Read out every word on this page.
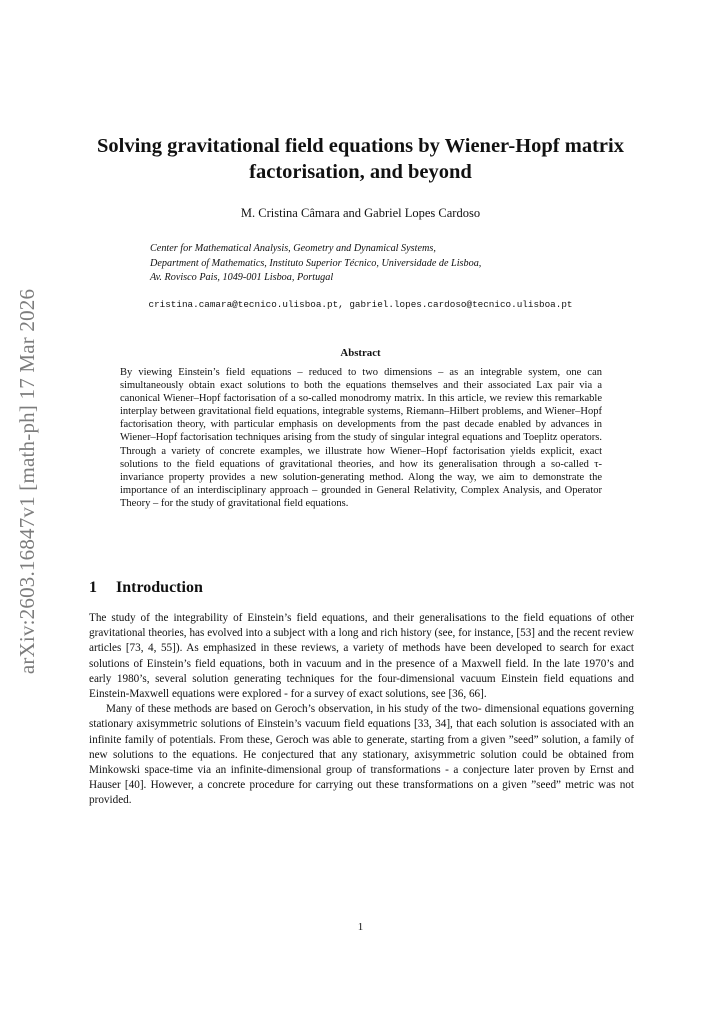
arXiv:2603.16847v1 [math-ph] 17 Mar 2026
Solving gravitational field equations by Wiener-Hopf matrix factorisation, and beyond
M. Cristina Câmara and Gabriel Lopes Cardoso
Center for Mathematical Analysis, Geometry and Dynamical Systems,
Department of Mathematics, Instituto Superior Técnico, Universidade de Lisboa,
Av. Rovisco Pais, 1049-001 Lisboa, Portugal
cristina.camara@tecnico.ulisboa.pt, gabriel.lopes.cardoso@tecnico.ulisboa.pt
Abstract
By viewing Einstein’s field equations – reduced to two dimensions – as an integrable system, one can simultaneously obtain exact solutions to both the equations themselves and their associated Lax pair via a canonical Wiener–Hopf factorisation of a so-called monodromy matrix. In this article, we review this remarkable interplay between gravitational field equations, integrable systems, Riemann–Hilbert problems, and Wiener–Hopf factorisation theory, with particular emphasis on developments from the past decade enabled by advances in Wiener–Hopf factorisation techniques arising from the study of singular integral equations and Toeplitz operators. Through a variety of concrete examples, we illustrate how Wiener–Hopf factorisation yields explicit, exact solutions to the field equations of gravitational theories, and how its generalisation through a so-called τ-invariance property provides a new solution-generating method. Along the way, we aim to demonstrate the importance of an interdisciplinary approach – grounded in General Relativity, Complex Analysis, and Operator Theory – for the study of gravitational field equations.
1 Introduction

The study of the integrability of Einstein’s field equations, and their generalisations to the field equations of other gravitational theories, has evolved into a subject with a long and rich history (see, for instance, [53] and the recent review articles [73, 4, 55]). As emphasized in these reviews, a variety of methods have been developed to search for exact solutions of Einstein’s field equations, both in vacuum and in the presence of a Maxwell field. In the late 1970’s and early 1980’s, several solution generating techniques for the four-dimensional vacuum Einstein field equations and Einstein-Maxwell equations were explored - for a survey of exact solutions, see [36, 66].

Many of these methods are based on Geroch’s observation, in his study of the two- dimensional equations governing stationary axisymmetric solutions of Einstein’s vacuum field equations [33, 34], that each solution is associated with an infinite family of potentials. From these, Geroch was able to generate, starting from a given ”seed” solution, a family of new solutions to the equations. He conjectured that any stationary, axisymmetric solution could be obtained from Minkowski space-time via an infinite-dimensional group of transformations - a conjecture later proven by Ernst and Hauser [40]. However, a concrete procedure for carrying out these transformations on a given ”seed” metric was not provided.

1
